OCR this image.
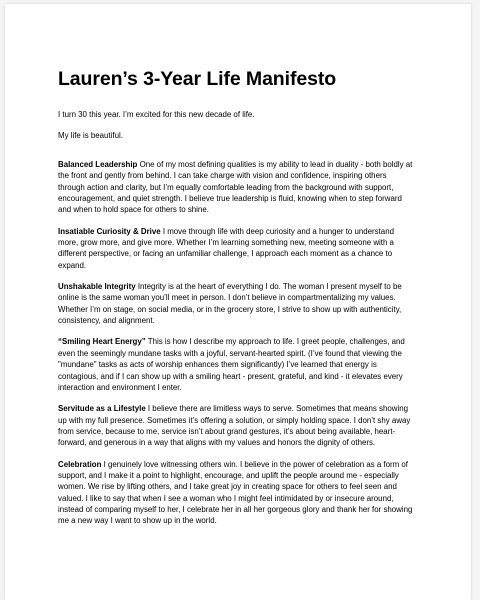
Lauren’s 3-Year Life Manifesto

I turn 30 this year. I’m excited for this new decade of life.

My life is beautiful.

Balanced Leadership One of my most defining qualities is my ability to lead in duality - both boldly at the front and gently from behind. I can take charge with vision and confidence, inspiring others through action and clarity, but I’m equally comfortable leading from the background with support, encouragement, and quiet strength. I believe true leadership is fluid, knowing when to step forward and when to hold space for others to shine.

Insatiable Curiosity & Drive I move through life with deep curiosity and a hunger to understand more, grow more, and give more. Whether I’m learning something new, meeting someone with a different perspective, or facing an unfamiliar challenge, I approach each moment as a chance to expand.

Unshakable Integrity Integrity is at the heart of everything I do. The woman I present myself to be online is the same woman you’ll meet in person. I don’t believe in compartmentalizing my values. Whether I’m on stage, on social media, or in the grocery store, I strive to show up with authenticity, consistency, and alignment.

“Smiling Heart Energy” This is how I describe my approach to life. I greet people, challenges, and even the seemingly mundane tasks with a joyful, servant-hearted spirit. (I’ve found that viewing the "mundane" tasks as acts of worship enhances them significantly) I’ve learned that energy is contagious, and if I can show up with a smiling heart - present, grateful, and kind - it elevates every interaction and environment I enter.

Servitude as a Lifestyle I believe there are limitless ways to serve. Sometimes that means showing up with my full presence. Sometimes it’s offering a solution, or simply holding space. I don’t shy away from service, because to me, service isn’t about grand gestures, it’s about being available, heart-forward, and generous in a way that aligns with my values and honors the dignity of others.

Celebration I genuinely love witnessing others win. I believe in the power of celebration as a form of support, and I make it a point to highlight, encourage, and uplift the people around me - especially women. We rise by lifting others, and I take great joy in creating space for others to feel seen and valued. I like to say that when I see a woman who I might feel intimidated by or insecure around, instead of comparing myself to her, I celebrate her in all her gorgeous glory and thank her for showing me a new way I want to show up in the world.
